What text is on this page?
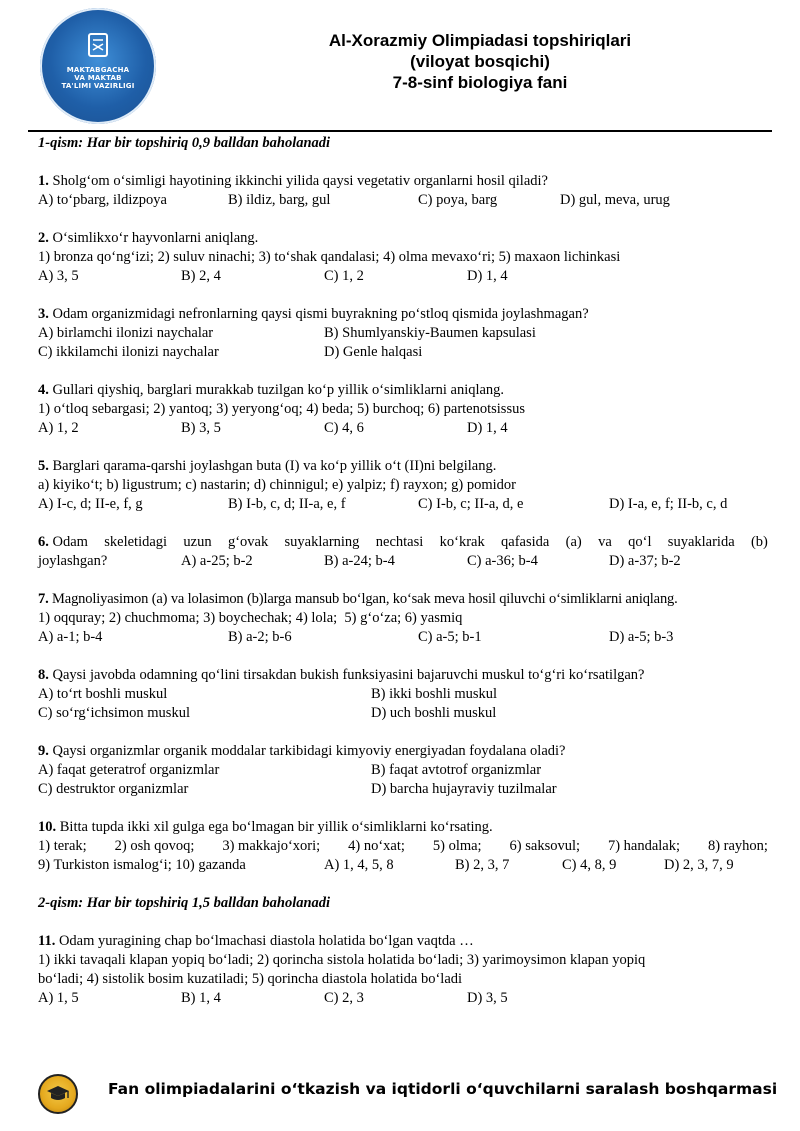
MAKTABGACHA
VA MAKTAB
TA'LIMI VAZIRLIGI
Al-Xorazmiy Olimpiadasi topshiriqlari
(viloyat bosqichi)
7-8-sinf biologiya fani

1-qism: Har bir topshiriq 0,9 balldan baholanadi

1. Sholg‘om o‘simligi hayotining ikkinchi yilida qaysi vegetativ organlarni hosil qiladi?
A) to‘pbarg, ildizpoya	B) ildiz, barg, gul	C) poya, barg	D) gul, meva, urug
2. O‘simlikxo‘r hayvonlarni aniqlang.
1) bronza qo‘ng‘izi; 2) suluv ninachi; 3) to‘shak qandalasi; 4) olma mevaxo‘ri; 5) maxaon lichinkasi
A) 3, 5	B) 2, 4	C) 1, 2	D) 1, 4
3. Odam organizmidagi nefronlarning qaysi qismi buyrakning po‘stloq qismida joylashmagan?
A) birlamchi ilonizi naychalar	B) Shumlyanskiy-Baumen kapsulasi
C) ikkilamchi ilonizi naychalar	D) Genle halqasi
4. Gullari qiyshiq, barglari murakkab tuzilgan ko‘p yillik o‘simliklarni aniqlang.
1) o‘tloq sebargasi; 2) yantoq; 3) yeryong‘oq; 4) beda; 5) burchoq; 6) partenotsissus
A) 1, 2	B) 3, 5	C) 4, 6	D) 1, 4
5. Barglari qarama-qarshi joylashgan buta (I) va ko‘p yillik o‘t (II)ni belgilang.
a) kiyiko‘t; b) ligustrum; c) nastarin; d) chinnigul; e) yalpiz; f) rayxon; g) pomidor
A) I-c, d; II-e, f, g	B) I-b, c, d; II-a, e, f	C) I-b, c; II-a, d, e	D) I-a, e, f; II-b, c, d
6. Odam skeletidagi uzun g‘ovak suyaklarning nechtasi ko‘krak qafasida (a) va qo‘l suyaklarida (b)
joylashgan?	A) a-25; b-2	B) a-24; b-4	C) a-36; b-4	D) a-37; b-2
7. Magnoliyasimon (a) va lolasimon (b)larga mansub bo‘lgan, ko‘sak meva hosil qiluvchi o‘simliklarni aniqlang.
1) oqquray; 2) chuchmoma; 3) boychechak; 4) lola;  5) g‘o‘za; 6) yasmiq
A) a-1; b-4	B) a-2; b-6	C) a-5; b-1	D) a-5; b-3
8. Qaysi javobda odamning qo‘lini tirsakdan bukish funksiyasini bajaruvchi muskul to‘g‘ri ko‘rsatilgan?
A) to‘rt boshli muskul	B) ikki boshli muskul
C) so‘rg‘ichsimon muskul	D) uch boshli muskul
9. Qaysi organizmlar organik moddalar tarkibidagi kimyoviy energiyadan foydalana oladi?
A) faqat geteratrof organizmlar	B) faqat avtotrof organizmlar
C) destruktor organizmlar	D) barcha hujayraviy tuzilmalar
10. Bitta tupda ikki xil gulga ega bo‘lmagan bir yillik o‘simliklarni ko‘rsating.
1) terak; 2) osh qovoq; 3) makkajo‘xori; 4) no‘xat; 5) olma; 6) saksovul; 7) handalak; 8) rayhon;
9) Turkiston ismalog‘i; 10) gazanda	A) 1, 4, 5, 8	B) 2, 3, 7	C) 4, 8, 9	D) 2, 3, 7, 9

2-qism: Har bir topshiriq 1,5 balldan baholanadi

11. Odam yuragining chap bo‘lmachasi diastola holatida bo‘lgan vaqtda …
1) ikki tavaqali klapan yopiq bo‘ladi; 2) qorincha sistola holatida bo‘ladi; 3) yarimoysimon klapan yopiq
bo‘ladi; 4) sistolik bosim kuzatiladi; 5) qorincha diastola holatida bo‘ladi
A) 1, 5	B) 1, 4	C) 2, 3	D) 3, 5
Fan olimpiadalarini o‘tkazish va iqtidorli o‘quvchilarni saralash boshqarmasi
